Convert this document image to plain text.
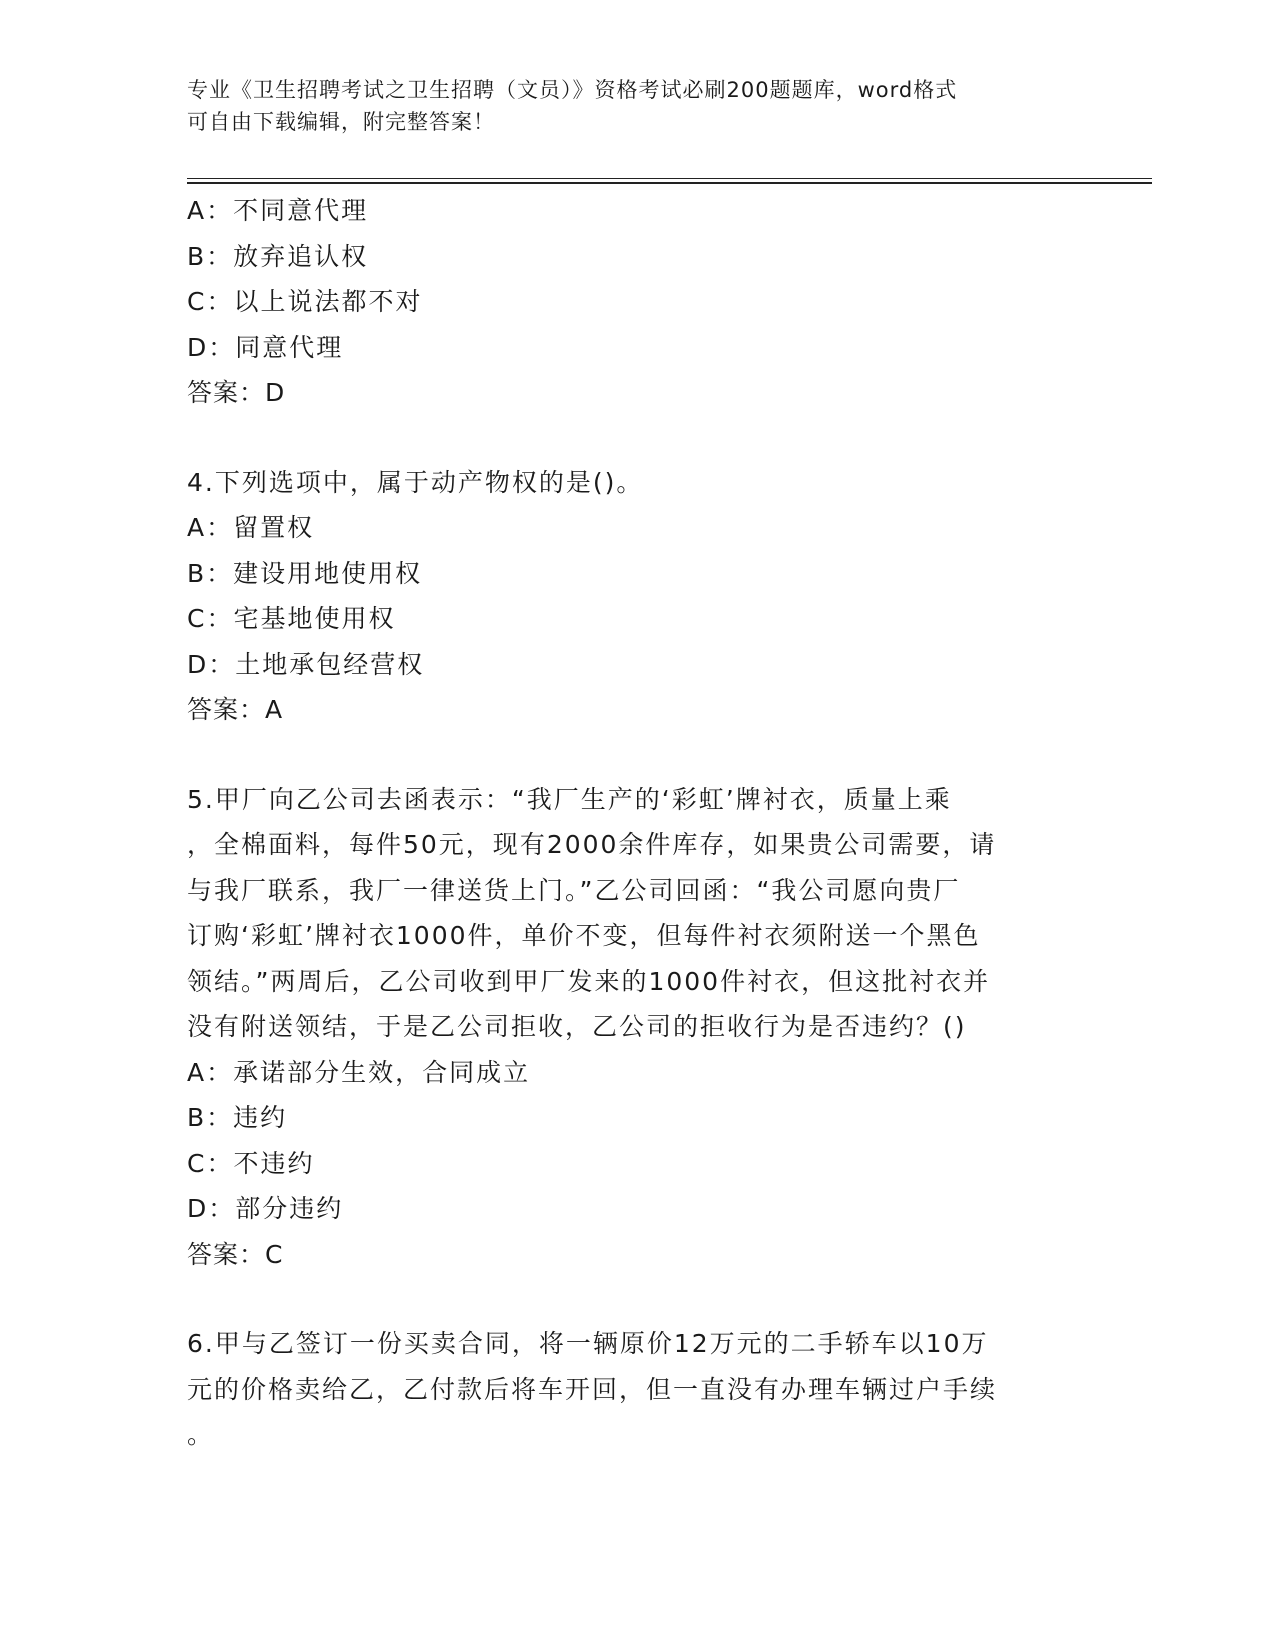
专业《卫生招聘考试之卫生招聘（文员）》资格考试必刷200题题库，word格式
可自由下载编辑，附完整答案！
A：不同意代理
B：放弃追认权
C：以上说法都不对
D：同意代理
答案：D
4.下列选项中，属于动产物权的是()。
A：留置权
B：建设用地使用权
C：宅基地使用权
D：土地承包经营权
答案：A
5.甲厂向乙公司去函表示：“我厂生产的‘彩虹’牌衬衣，质量上乘
，全棉面料，每件50元，现有2000余件库存，如果贵公司需要，请
与我厂联系，我厂一律送货上门。”乙公司回函：“我公司愿向贵厂
订购‘彩虹’牌衬衣1000件，单价不变，但每件衬衣须附送一个黑色
领结。”两周后，乙公司收到甲厂发来的1000件衬衣，但这批衬衣并
没有附送领结，于是乙公司拒收，乙公司的拒收行为是否违约？()
A：承诺部分生效，合同成立
B：违约
C：不违约
D：部分违约
答案：C
6.甲与乙签订一份买卖合同，将一辆原价12万元的二手轿车以10万
元的价格卖给乙，乙付款后将车开回，但一直没有办理车辆过户手续
。
